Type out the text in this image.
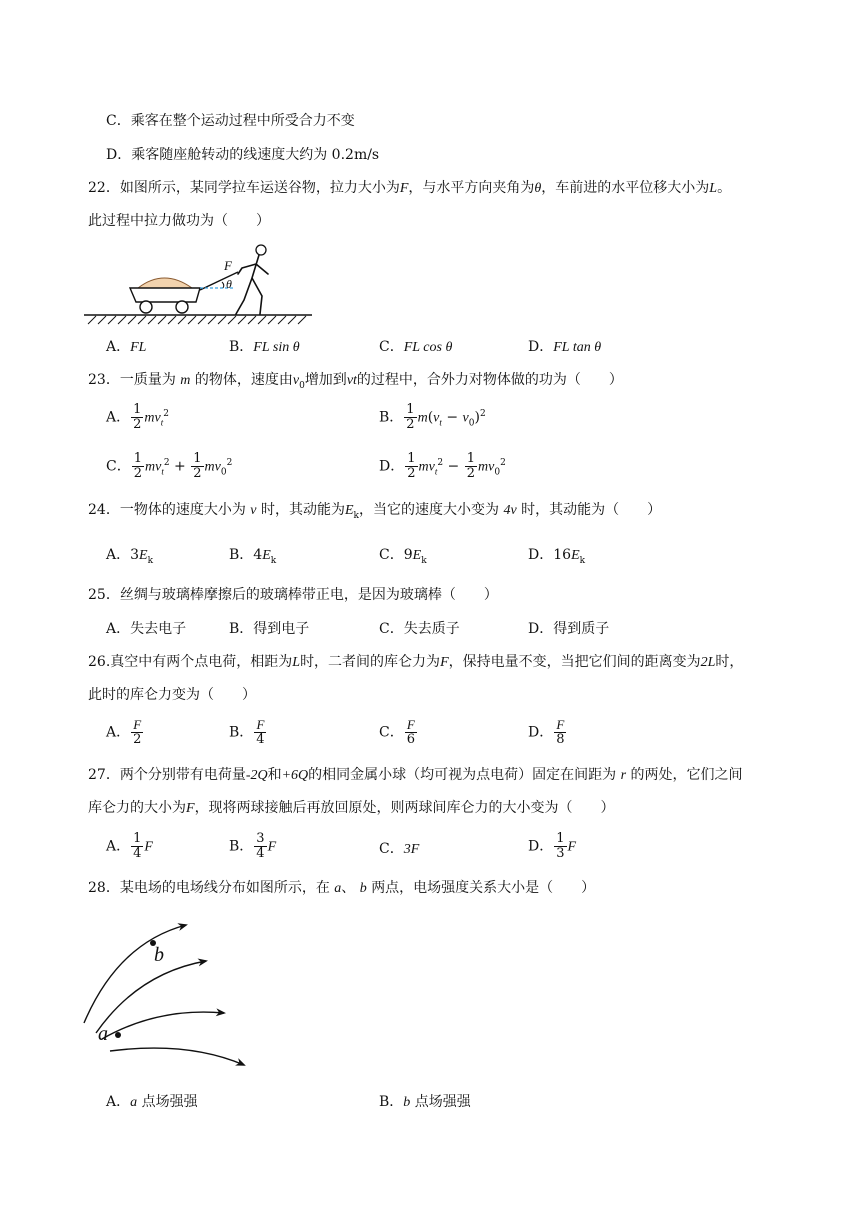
C．乘客在整个运动过程中所受合力不变
D．乘客随座舱转动的线速度大约为 0.2m/s
22．如图所示，某同学拉车运送谷物，拉力大小为F，与水平方向夹角为θ，车前进的水平位移大小为L。
此过程中拉力做功为（　　）
F
θ
A．FL	B．FL sin θ	C．FL cos θ	D．FL tan θ
23．一质量为 m 的物体，速度由$v_0$增加到vt的过程中，合外力对物体做的功为（　　）
A． $\frac{1}{2} mv_t^2$	B． $\frac{1}{2} m(v_t - v_0)^2$
C． $\frac{1}{2} mv_t^2 + \frac{1}{2} mv_0^2$	D． $\frac{1}{2} mv_t^2 - \frac{1}{2} mv_0^2$
24．一物体的速度大小为 v 时，其动能为$E_k$，当它的速度大小变为 4v 时，其动能为（　　）
A．$3E_k$	B．$4E_k$	C．$9E_k$	D．$16E_k$
25．丝绸与玻璃棒摩擦后的玻璃棒带正电，是因为玻璃棒（　　）
A．失去电子	B．得到电子	C．失去质子	D．得到质子
26.真空中有两个点电荷，相距为L时，二者间的库仑力为F，保持电量不变，当把它们间的距离变为2L时，
此时的库仑力变为（　　）
A． $\frac{F}{2}$	B． $\frac{F}{4}$	C． $\frac{F}{6}$	D． $\frac{F}{8}$
27．两个分别带有电荷量-2Q和+6Q的相同金属小球（均可视为点电荷）固定在间距为 r 的两处，它们之间
库仑力的大小为F，现将两球接触后再放回原处，则两球间库仑力的大小变为（　　）
A． $\frac{1}{4}$ F	B． $\frac{3}{4}$ F	C．3F	D． $\frac{1}{3}$ F
28．某电场的电场线分布如图所示，在 a、 b 两点，电场强度关系大小是（　　）
b
a
A．a 点场强强	B．b 点场强强
